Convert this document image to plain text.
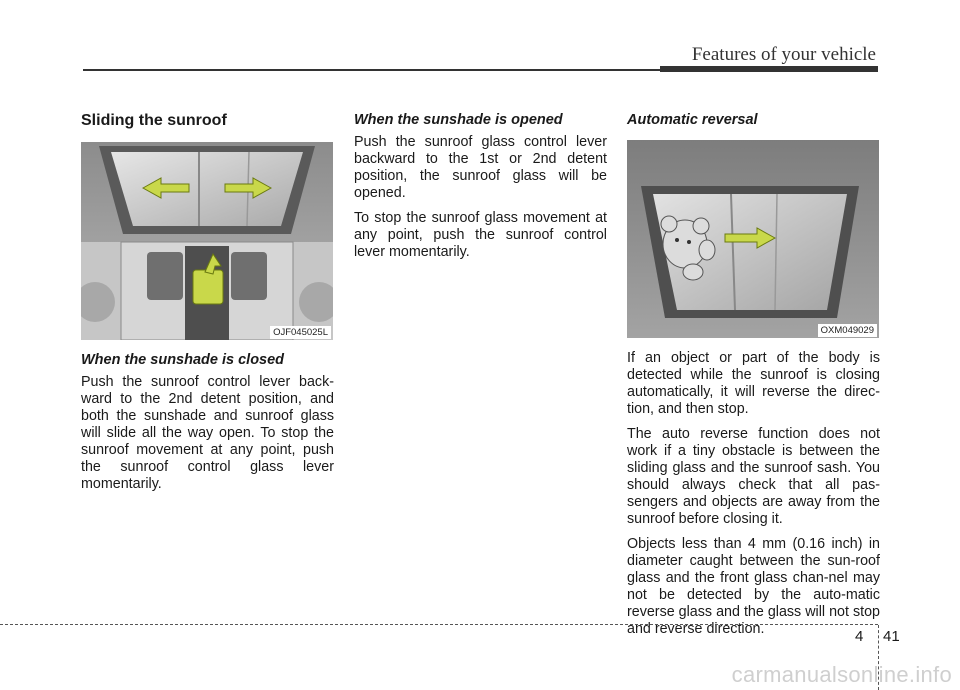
Features of your vehicle
Sliding the sunroof
OJF045025L
When the sunshade is closed

Push the sunroof control lever back-ward to the 2nd detent position, and both the sunshade and sunroof glass will slide all the way open. To stop the sunroof movement at any point, push the sunroof control glass lever momentarily.

When the sunshade is opened

Push the sunroof glass control lever backward to the 1st or 2nd detent position, the sunroof glass will be opened.

To stop the sunroof glass movement at any point, push the sunroof control lever momentarily.

Automatic reversal
OXM049029

If an object or part of the body is detected while the sunroof is closing automatically, it will reverse the direc-tion, and then stop.

The auto reverse function does not work if a tiny obstacle is between the sliding glass and the sunroof sash. You should always check that all pas-sengers and objects are away from the sunroof before closing it.

Objects less than 4 mm (0.16 inch) in diameter caught between the sun-roof glass and the front glass chan-nel may not be detected by the auto-matic reverse glass and the glass will not stop and reverse direction.	4 41
carmanualsonline.info
